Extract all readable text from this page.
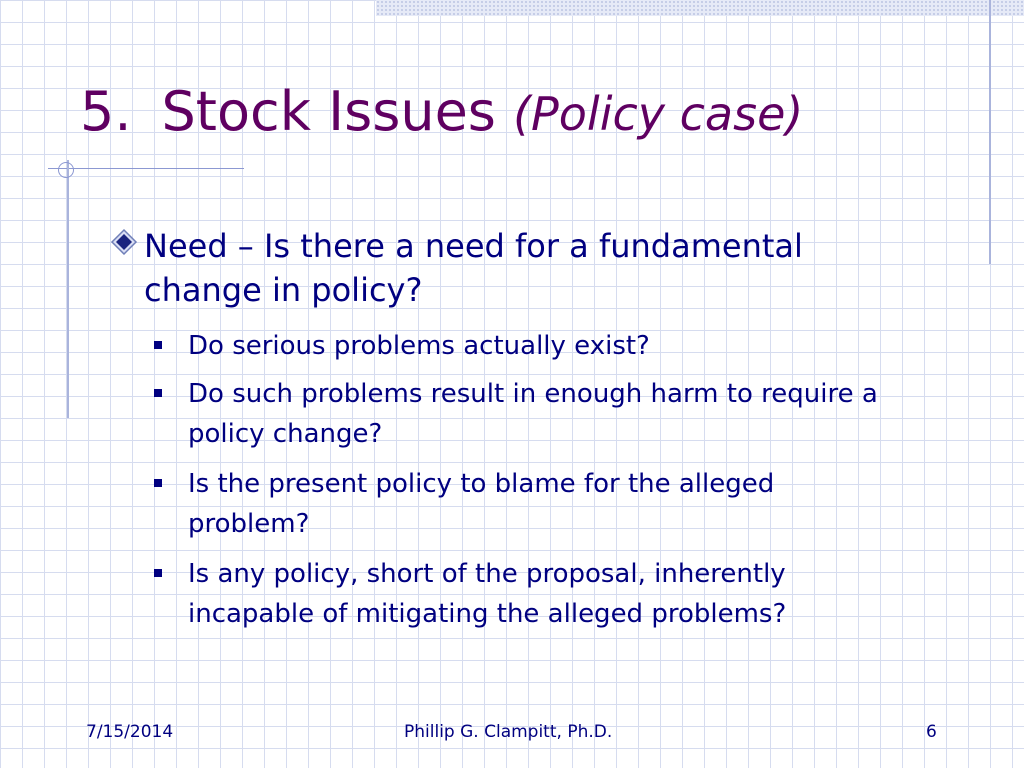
5. Stock Issues (Policy case)
Need – Is there a need for a fundamental change in policy?
Do serious problems actually exist?
Do such problems result in enough harm to require a policy change?
Is the present policy to blame for the alleged problem?
Is any policy, short of the proposal, inherently incapable of mitigating the alleged problems?
7/15/2014	Phillip G. Clampitt, Ph.D.	6
